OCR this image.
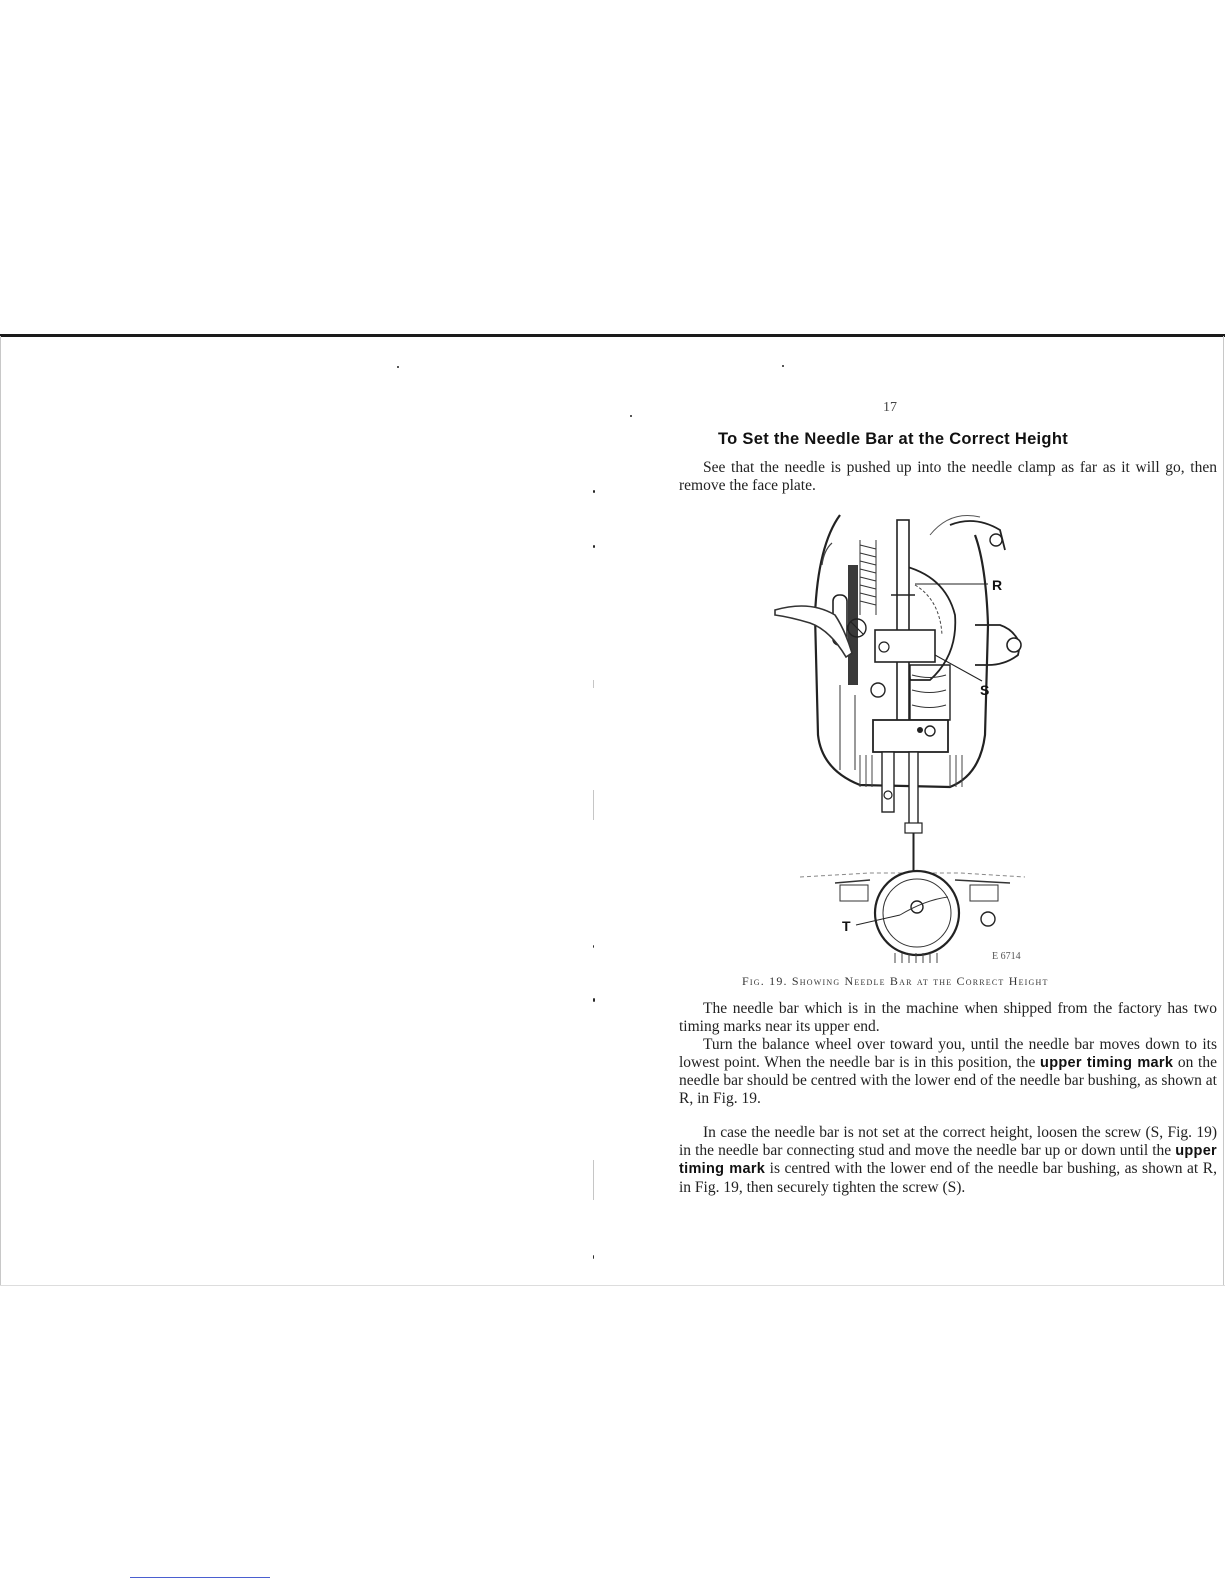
17
To Set the Needle Bar at the Correct Height

See that the needle is pushed up into the needle clamp as far as it will go, then remove the face plate.

R
S
T
E 6714

Fig. 19. Showing Needle Bar at the Correct Height

The needle bar which is in the machine when shipped from the factory has two timing marks near its upper end.

Turn the balance wheel over toward you, until the needle bar moves down to its lowest point. When the needle bar is in this position, the upper timing mark on the needle bar should be centred with the lower end of the needle bar bushing, as shown at R, in Fig. 19.

In case the needle bar is not set at the correct height, loosen the screw (S, Fig. 19) in the needle bar connecting stud and move the needle bar up or down until the upper timing mark is centred with the lower end of the needle bar bushing, as shown at R, in Fig. 19, then securely tighten the screw (S).
